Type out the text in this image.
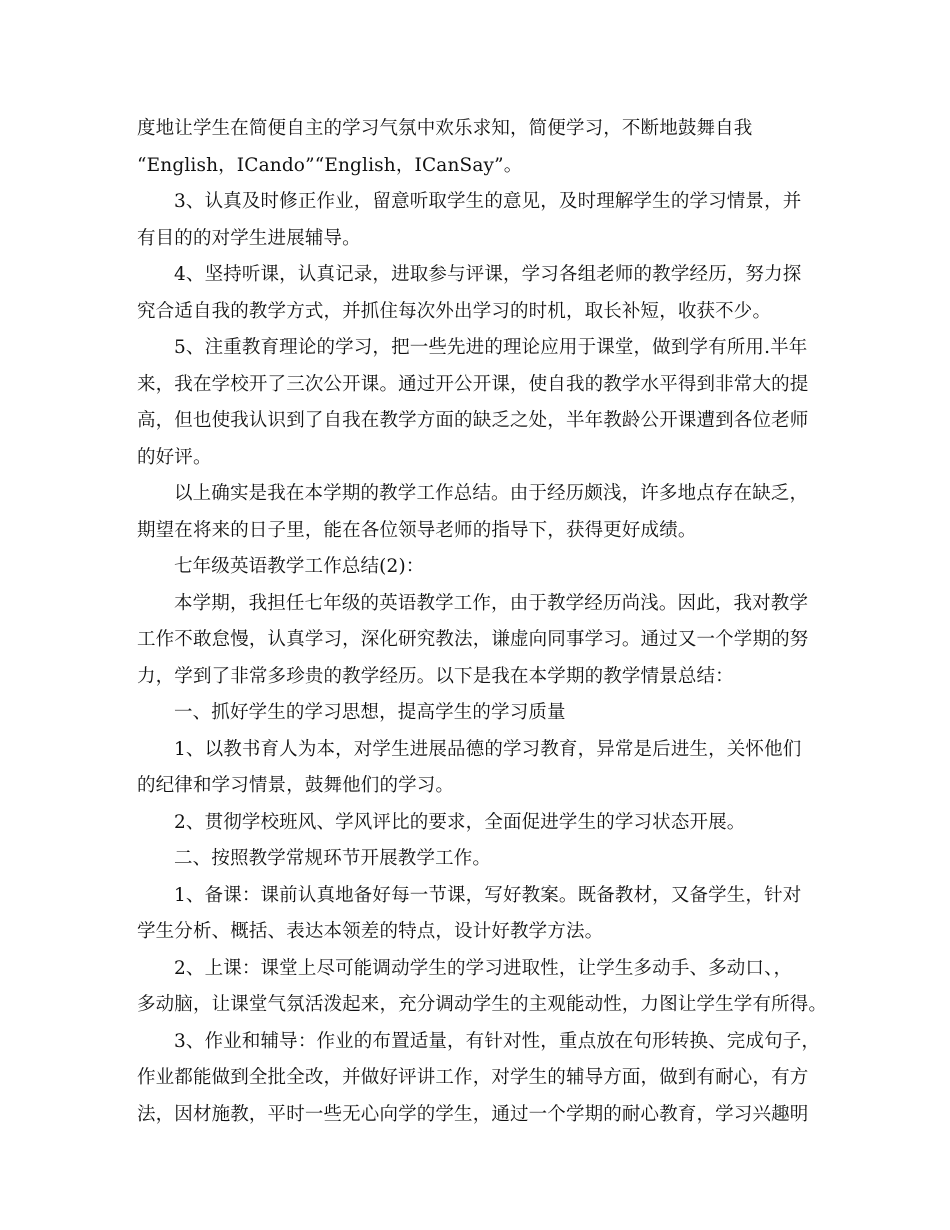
度地让学生在简便自主的学习气氛中欢乐求知，简便学习，不断地鼓舞自我
“English，ICando”“English，ICanSay”。
3、认真及时修正作业，留意听取学生的意见，及时理解学生的学习情景，并
有目的的对学生进展辅导。
4、坚持听课，认真记录，进取参与评课，学习各组老师的教学经历，努力探
究合适自我的教学方式，并抓住每次外出学习的时机，取长补短，收获不少。
5、注重教育理论的学习，把一些先进的理论应用于课堂，做到学有所用.半年
来，我在学校开了三次公开课。通过开公开课，使自我的教学水平得到非常大的提
高，但也使我认识到了自我在教学方面的缺乏之处，半年教龄公开课遭到各位老师
的好评。
以上确实是我在本学期的教学工作总结。由于经历颇浅，许多地点存在缺乏，
期望在将来的日子里，能在各位领导老师的指导下，获得更好成绩。
七年级英语教学工作总结(2)：
本学期，我担任七年级的英语教学工作，由于教学经历尚浅。因此，我对教学
工作不敢怠慢，认真学习，深化研究教法，谦虚向同事学习。通过又一个学期的努
力，学到了非常多珍贵的教学经历。以下是我在本学期的教学情景总结：
一、抓好学生的学习思想，提高学生的学习质量
1、以教书育人为本，对学生进展品德的学习教育，异常是后进生，关怀他们
的纪律和学习情景，鼓舞他们的学习。
2、贯彻学校班风、学风评比的要求，全面促进学生的学习状态开展。
二、按照教学常规环节开展教学工作。
1、备课：课前认真地备好每一节课，写好教案。既备教材，又备学生，针对
学生分析、概括、表达本领差的特点，设计好教学方法。
2、上课：课堂上尽可能调动学生的学习进取性，让学生多动手、多动口、，
多动脑，让课堂气氛活泼起来，充分调动学生的主观能动性，力图让学生学有所得。
3、作业和辅导：作业的布置适量，有针对性，重点放在句形转换、完成句子，
作业都能做到全批全改，并做好评讲工作，对学生的辅导方面，做到有耐心，有方
法，因材施教，平时一些无心向学的学生，通过一个学期的耐心教育，学习兴趣明
